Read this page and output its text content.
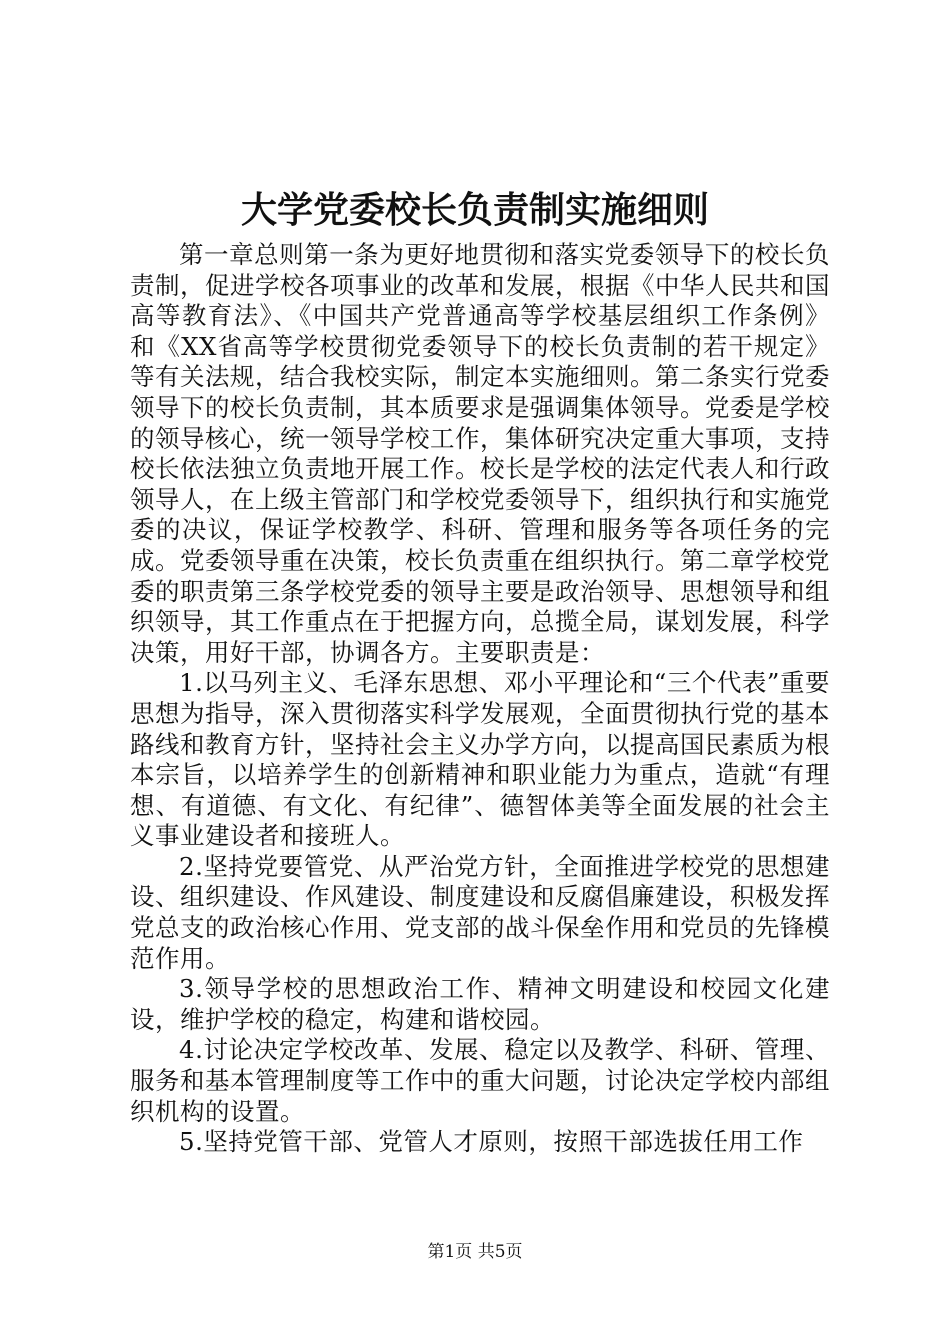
大学党委校长负责制实施细则

第一章总则第一条为更好地贯彻和落实党委领导下的校长负责制，促进学校各项事业的改革和发展，根据《中华人民共和国高等教育法》、《中国共产党普通高等学校基层组织工作条例》和《XX省高等学校贯彻党委领导下的校长负责制的若干规定》等有关法规，结合我校实际，制定本实施细则。第二条实行党委领导下的校长负责制，其本质要求是强调集体领导。党委是学校的领导核心，统一领导学校工作，集体研究决定重大事项，支持校长依法独立负责地开展工作。校长是学校的法定代表人和行政领导人，在上级主管部门和学校党委领导下，组织执行和实施党委的决议，保证学校教学、科研、管理和服务等各项任务的完成。党委领导重在决策，校长负责重在组织执行。第二章学校党委的职责第三条学校党委的领导主要是政治领导、思想领导和组织领导，其工作重点在于把握方向，总揽全局，谋划发展，科学决策，用好干部，协调各方。主要职责是：

1.以马列主义、毛泽东思想、邓小平理论和“三个代表”重要思想为指导，深入贯彻落实科学发展观，全面贯彻执行党的基本路线和教育方针，坚持社会主义办学方向，以提高国民素质为根本宗旨，以培养学生的创新精神和职业能力为重点，造就“有理想、有道德、有文化、有纪律”、德智体美等全面发展的社会主义事业建设者和接班人。

2.坚持党要管党、从严治党方针，全面推进学校党的思想建设、组织建设、作风建设、制度建设和反腐倡廉建设，积极发挥党总支的政治核心作用、党支部的战斗保垒作用和党员的先锋模范作用。

3.领导学校的思想政治工作、精神文明建设和校园文化建设，维护学校的稳定，构建和谐校园。

4.讨论决定学校改革、发展、稳定以及教学、科研、管理、服务和基本管理制度等工作中的重大问题，讨论决定学校内部组织机构的设置。

5.坚持党管干部、党管人才原则，按照干部选拔任用工作

第1页 共5页
